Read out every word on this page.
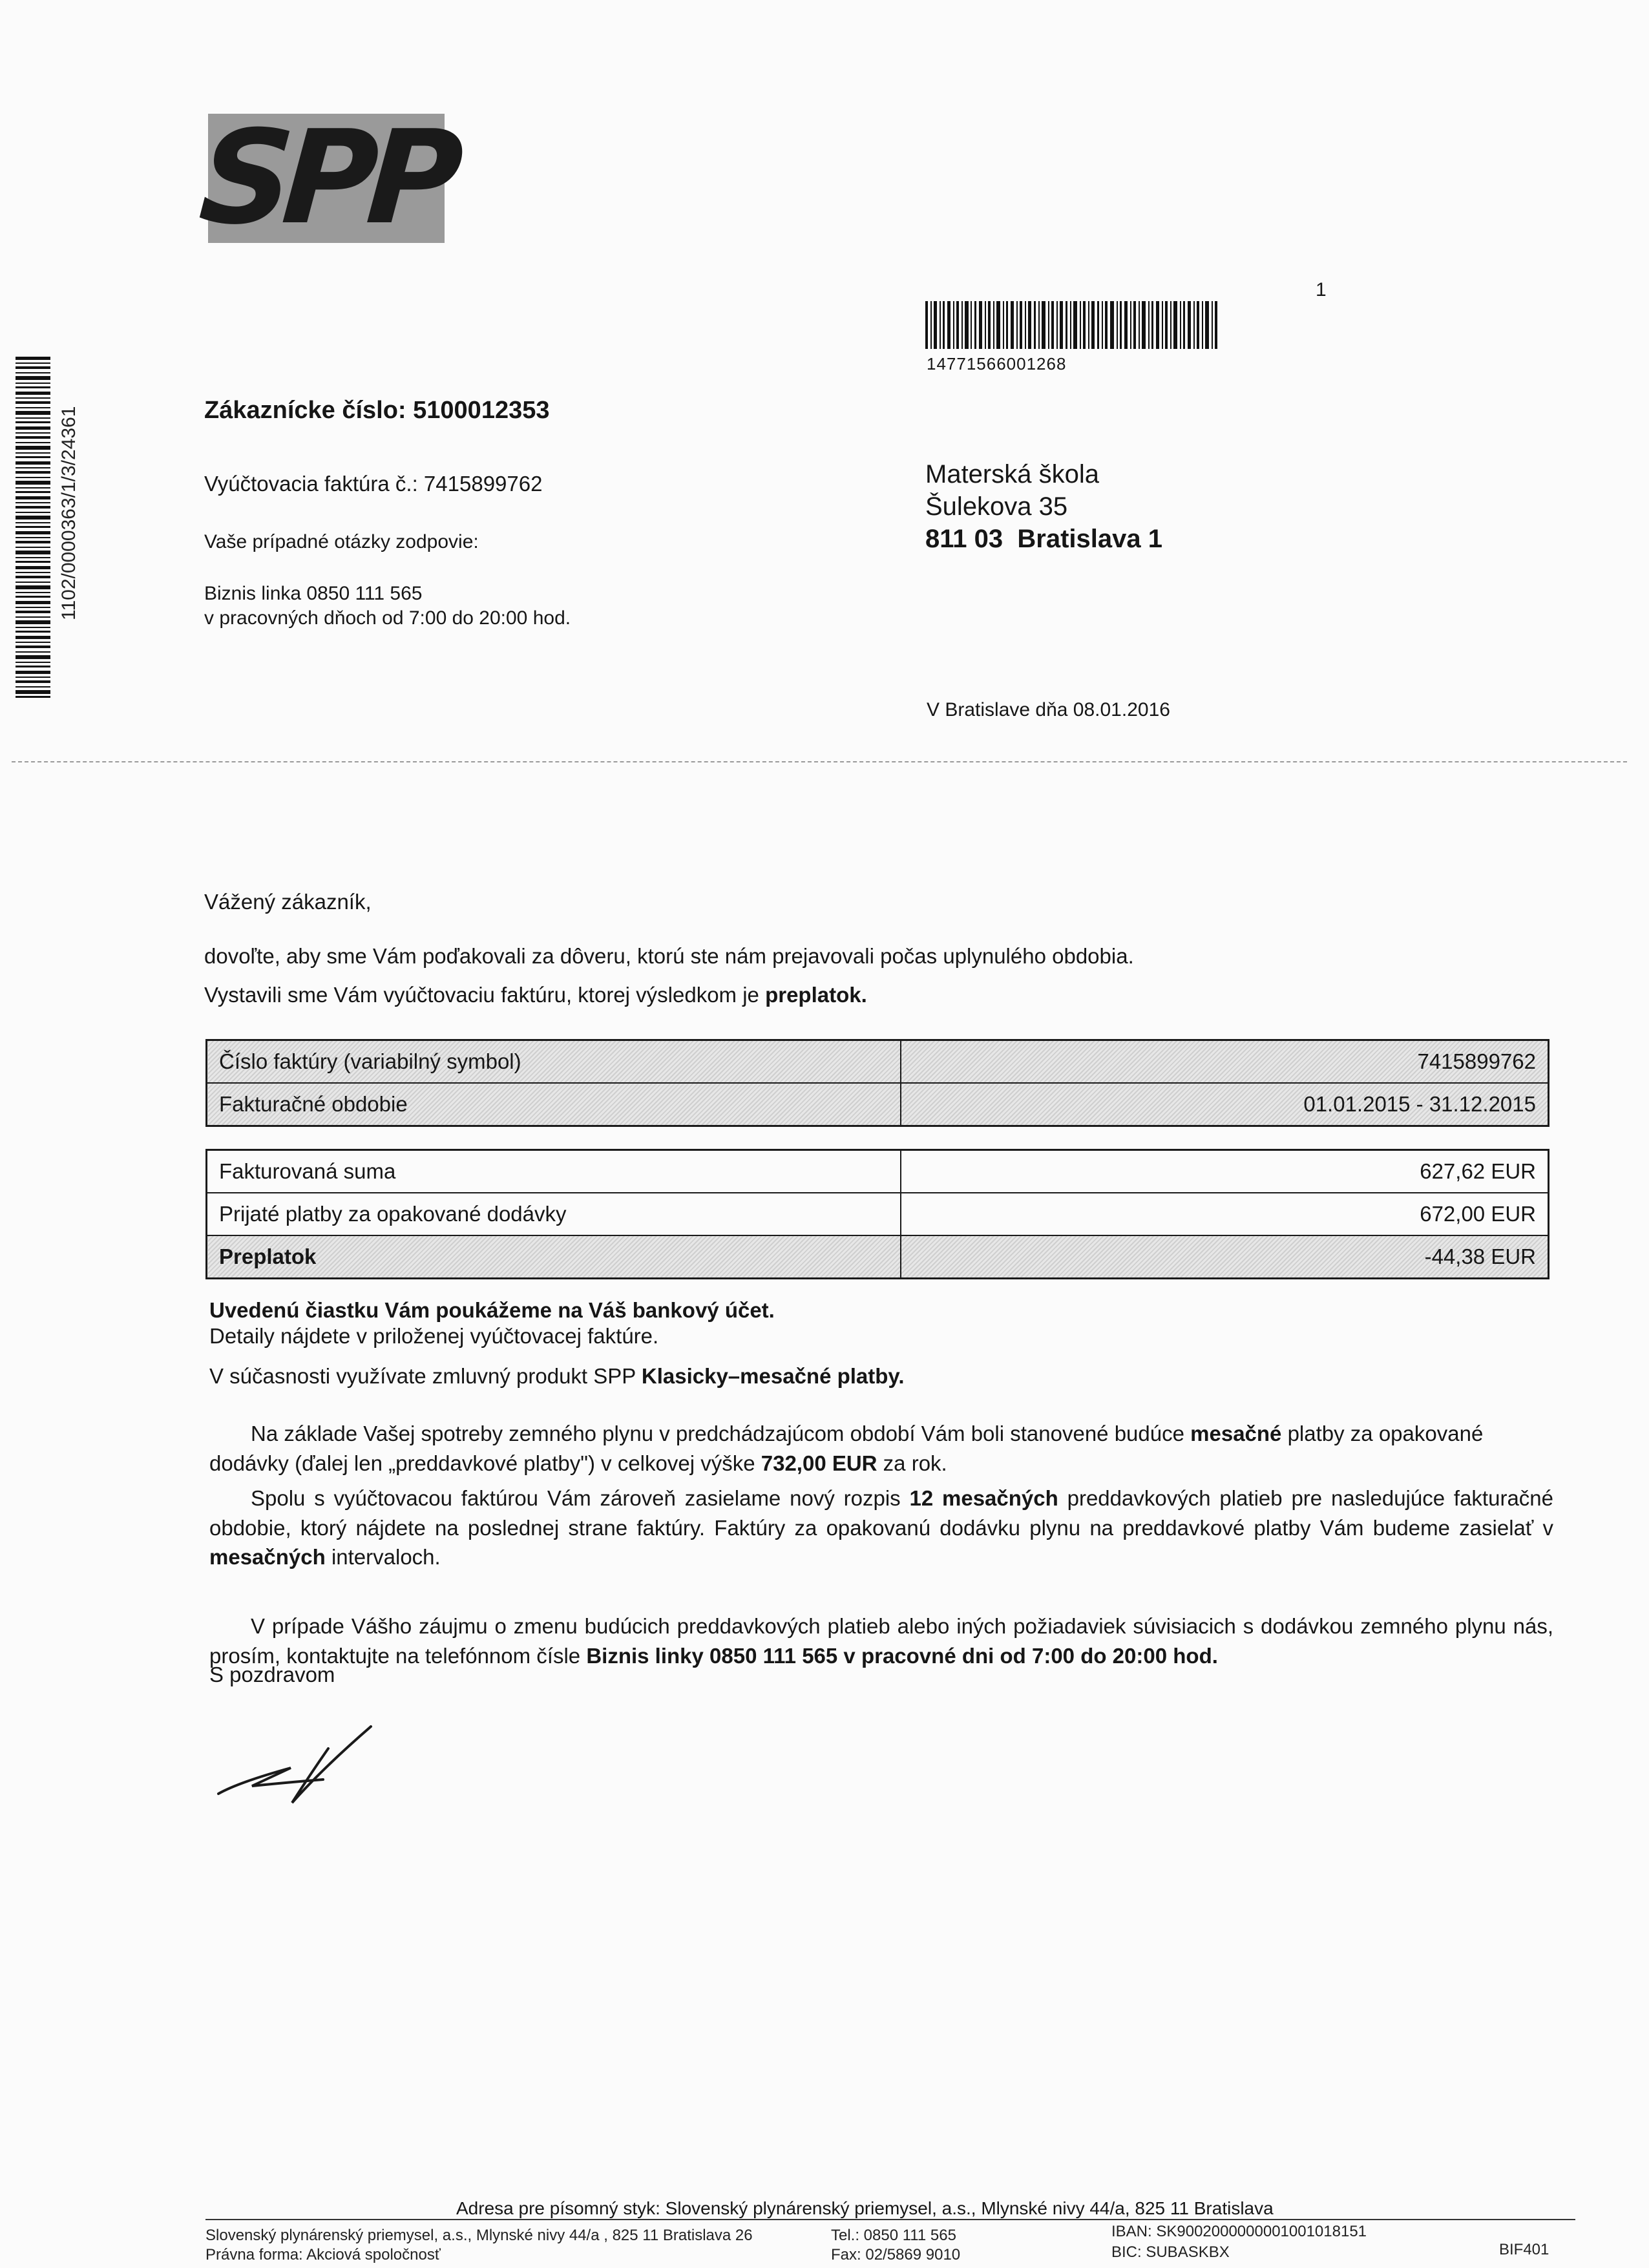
SPP
1
14771566001268
1102/0000363/1/3/24361	Zákaznícke číslo: 5100012353
Vyúčtovacia faktúra č.: 7415899762
Vaše prípadné otázky zodpovie:
Biznis linka 0850 111 565
v pracovných dňoch od 7:00 do 20:00 hod.
Materská škola
Šulekova 35
811 03  Bratislava 1
V Bratislave dňa 08.01.2016
Vážený zákazník,
dovoľte, aby sme Vám poďakovali za dôveru, ktorú ste nám prejavovali počas uplynulého obdobia.
Vystavili sme Vám vyúčtovaciu faktúru, ktorej výsledkom je preplatok.
Číslo faktúry (variabilný symbol)	7415899762
Fakturačné obdobie	01.01.2015 - 31.12.2015
Fakturovaná suma	627,62 EUR
Prijaté platby za opakované dodávky	672,00 EUR
Preplatok	-44,38 EUR
Uvedenú čiastku Vám poukážeme na Váš bankový účet.
Detaily nájdete v priloženej vyúčtovacej faktúre.
V súčasnosti využívate zmluvný produkt SPP Klasicky–mesačné platby.
Na základe Vašej spotreby zemného plynu v predchádzajúcom období Vám boli stanovené budúce mesačné platby za opakované dodávky (ďalej len „preddavkové platby") v celkovej výške 732,00 EUR za rok.
Spolu s vyúčtovacou faktúrou Vám zároveň zasielame nový rozpis 12 mesačných preddavkových platieb pre nasledujúce fakturačné obdobie, ktorý nájdete na poslednej strane faktúry. Faktúry za opakovanú dodávku plynu na preddavkové platby Vám budeme zasielať v mesačných intervaloch.
V prípade Vášho záujmu o zmenu budúcich preddavkových platieb alebo iných požiadaviek súvisiacich s dodávkou zemného plynu nás, prosím, kontaktujte na telefónnom čísle Biznis linky 0850 111 565 v pracovné dni od 7:00 do 20:00 hod.
S pozdravom
Adresa pre písomný styk: Slovenský plynárenský priemysel, a.s., Mlynské nivy 44/a, 825 11 Bratislava
Slovenský plynárenský priemysel, a.s., Mlynské nivy 44/a , 825 11 Bratislava 26
Právna forma: Akciová spoločnosť
Tel.: 0850 111 565
Fax: 02/5869 9010
IBAN: SK9002000000001001018151
BIC: SUBASKBX	BIF401
